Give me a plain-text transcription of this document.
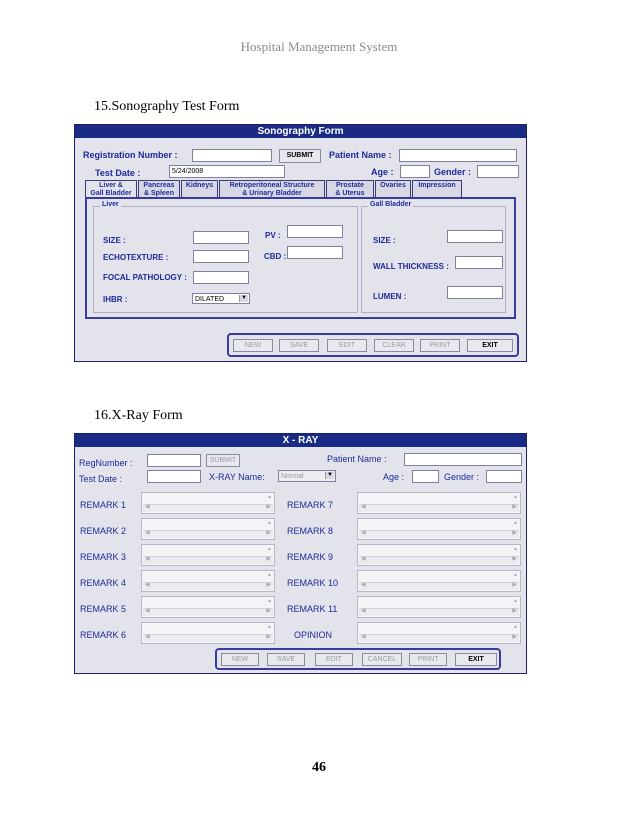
Hospital Management System
15.Sonography Test Form
Sonography Form
Registration Number :	SUBMIT	Patient Name :
Test Date :	5/24/2008	Age :	Gender :
Liver &
Gall Bladder
Pancreas
& Spleen
Kidneys	Retroperitoneal Structure
& Urinary Bladder
Prostate
& Uterus
Ovaries	Impression
Liver	Gall Bladder
SIZE :
ECHOTEXTURE :
FOCAL PATHOLOGY :
IHBR :	DILATED	▼
PV :
CBD :
SIZE :
WALL THICKNESS :
LUMEN :
NEW	SAVE	EDIT	CLEAR	PRINT	EXIT
16.X-Ray Form
X - RAY
RegNumber :	SUBMIT	Patient Name :
Test Date :	X-RAY Name:	Normal	▼	Age :	Gender :
REMARK 1
REMARK 2
REMARK 3
REMARK 4
REMARK 5
REMARK 6
▲
◀	▶
▲
◀	▶
▲
◀	▶
▲
◀	▶
▲
◀	▶
▲
◀	▶
REMARK 7
REMARK 8
REMARK 9
REMARK 10
REMARK 11
OPINION
▲
◀	▶
▲
◀	▶
▲
◀	▶
▲
◀	▶
▲
◀	▶
▲
◀	▶
NEW	SAVE	EDIT	CANCEL	PRINT	EXIT
46
